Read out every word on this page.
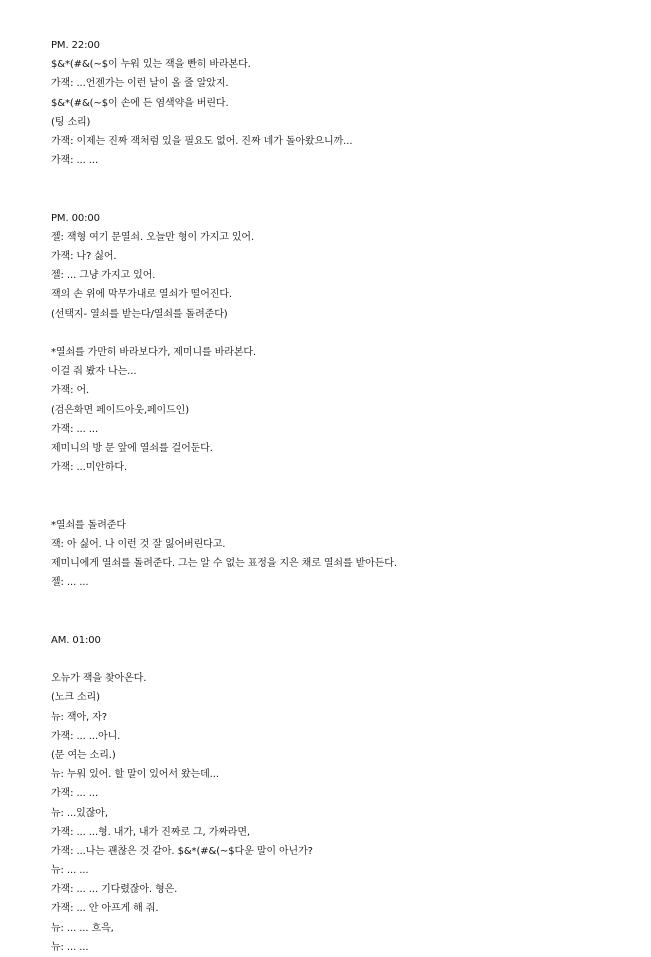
PM. 22:00
$&*(#&(~$이 누워 있는 잭을 빤히 바라본다.
가잭: ...언젠가는 이런 날이 올 줄 알았지.
$&*(#&(~$이 손에 든 염색약을 버린다.
(팅 소리)
가잭: 이제는 진짜 잭처럼 있을 필요도 없어. 진짜 네가 돌아왔으니까...
가잭: ... ...
PM. 00:00
젤: 잭형 여기 문열쇠. 오늘만 형이 가지고 있어.
가잭: 나? 싫어.
젤: ... 그냥 가지고 있어.
잭의 손 위에 막무가내로 열쇠가 떨어진다.
(선택지- 열쇠를 받는다/열쇠를 돌려준다)
*열쇠를 가만히 바라보다가, 제미니를 바라본다.
이걸 줘 봤자 나는...
가잭: 어.
(검은화면 페이드아웃,페이드인)
가잭: ... ...
제미니의 방 문 앞에 열쇠를 걸어둔다.
가잭: ...미안하다.
*열쇠를 돌려준다
잭: 아 싫어. 나 이런 것 잘 잃어버린다고.
제미니에게 열쇠를 돌려준다. 그는 알 수 없는 표정을 지은 채로 열쇠를 받아든다.
젤: ... ...
AM. 01:00
오뉴가 잭을 찾아온다.
(노크 소리)
뉴: 잭아, 자?
가잭: ... ...아니.
(문 여는 소리.)
뉴: 누워 있어. 할 말이 있어서 왔는데...
가잭: ... ...
뉴: ...있잖아,
가잭: ... ...형. 내가, 내가 진짜로 그, 가짜라면,
가잭: ...나는 괜찮은 것 같아. $&*(#&(~$다운 말이 아닌가?
뉴: ... ...
가잭: ... ... 기다렸잖아. 형은.
가잭: ... 안 아프게 해 줘.
뉴: ... ... 흐윽,
뉴: ... ...
